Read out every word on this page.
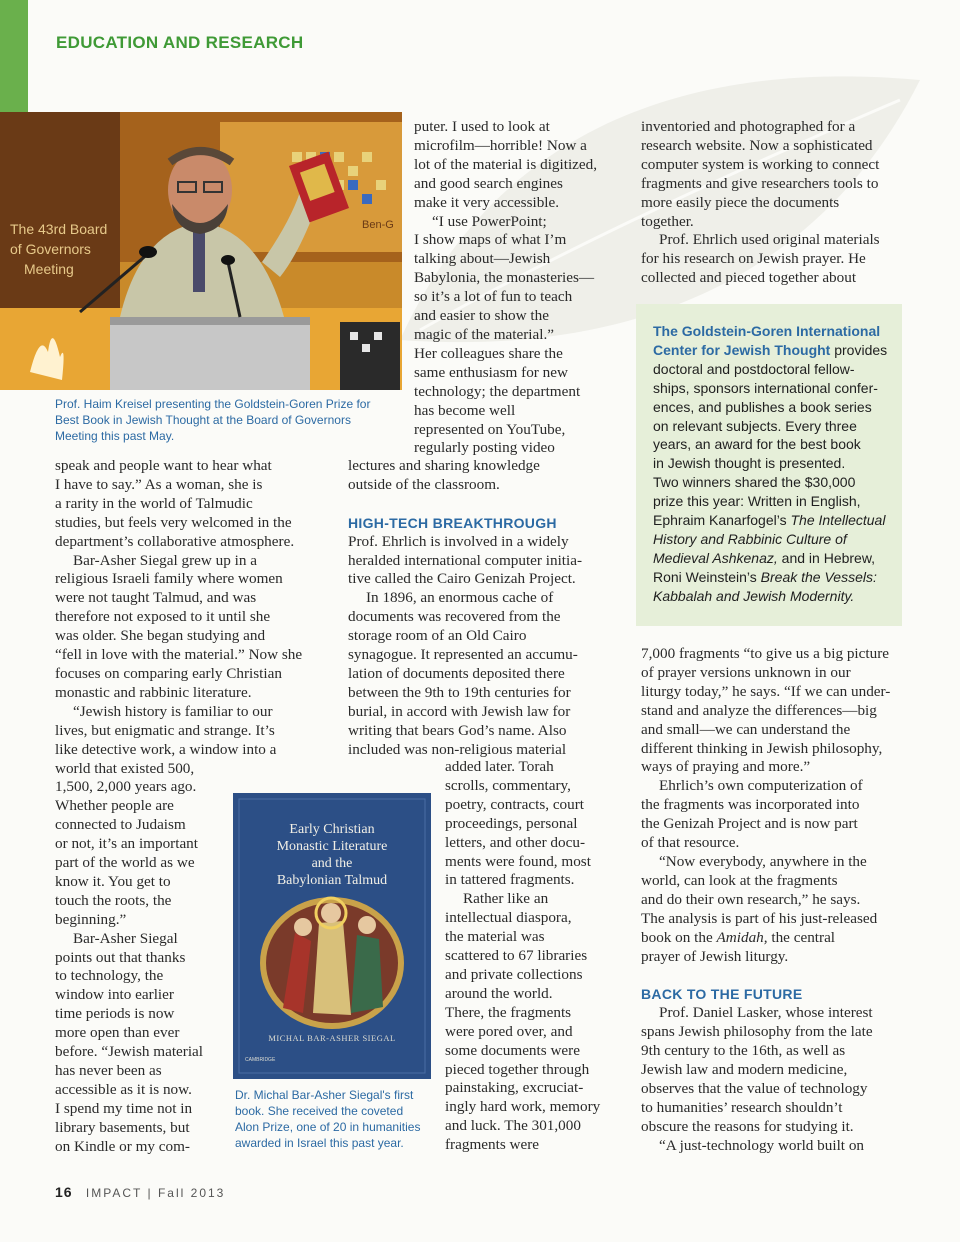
EDUCATION AND RESEARCH
The 43rd Board
of Governors
Meeting
Ben-G
Prof. Haim Kreisel presenting the Goldstein-Goren Prize for Best Book in Jewish Thought at the Board of Governors Meeting this past May.

speak and people want to hear what

I have to say.” As a woman, she is

a rarity in the world of Talmudic

studies, but feels very welcomed in the

department’s collaborative atmosphere.

Bar-Asher Siegal grew up in a

religious Israeli family where women

were not taught Talmud, and was

therefore not exposed to it until she

was older. She began studying and

“fell in love with the material.” Now she

focuses on comparing early Christian

monastic and rabbinic literature.

“Jewish history is familiar to our

lives, but enigmatic and strange. It’s

like detective work, a window into a

world that existed 500,

1,500, 2,000 years ago.

Whether people are

connected to Judaism

or not, it’s an important

part of the world as we

know it. You get to

touch the roots, the

beginning.”

Bar-Asher Siegal

points out that thanks

to technology, the

window into earlier

time periods is now

more open than ever

before. “Jewish material

has never been as

accessible as it is now.

I spend my time not in

library basements, but

on Kindle or my com-

Early Christian
Monastic Literature
and the
Babylonian Talmud
MICHAL BAR-ASHER SIEGAL
CAMBRIDGE
Dr. Michal Bar-Asher Siegal's first book. She received the coveted Alon Prize, one of 20 in humanities awarded in Israel this past year.

puter. I used to look at

microfilm—horrible! Now a

lot of the material is digitized,

and good search engines

make it very accessible.

“I use PowerPoint;

I show maps of what I’m

talking about—Jewish

Babylonia, the monasteries—

so it’s a lot of fun to teach

and easier to show the

magic of the material.”

Her colleagues share the

same enthusiasm for new

technology; the department

has become well

represented on YouTube,

regularly posting video

lectures and sharing knowledge

outside of the classroom.

HIGH-TECH BREAKTHROUGH

Prof. Ehrlich is involved in a widely

heralded international computer initia-

tive called the Cairo Genizah Project.

In 1896, an enormous cache of

documents was recovered from the

storage room of an Old Cairo

synagogue. It represented an accumu-

lation of documents deposited there

between the 9th to 19th centuries for

burial, in accord with Jewish law for

writing that bears God’s name. Also

included was non-religious material

added later. Torah

scrolls, commentary,

poetry, contracts, court

proceedings, personal

letters, and other docu-

ments were found, most

in tattered fragments.

Rather like an

intellectual diaspora,

the material was

scattered to 67 libraries

and private collections

around the world.

There, the fragments

were pored over, and

some documents were

pieced together through

painstaking, excruciat-

ingly hard work, memory

and luck. The 301,000

fragments were

inventoried and photographed for a

research website. Now a sophisticated

computer system is working to connect

fragments and give researchers tools to

more easily piece the documents

together.

Prof. Ehrlich used original materials

for his research on Jewish prayer. He

collected and pieced together about

The Goldstein-Goren International
Center for Jewish Thought provides
doctoral and postdoctoral fellow-
ships, sponsors international confer-
ences, and publishes a book series
on relevant subjects. Every three
years, an award for the best book
in Jewish thought is presented.
Two winners shared the $30,000
prize this year: Written in English,
Ephraim Kanarfogel’s The Intellectual
History and Rabbinic Culture of
Medieval Ashkenaz, and in Hebrew,
Roni Weinstein’s Break the Vessels:
Kabbalah and Jewish Modernity.

7,000 fragments “to give us a big picture

of prayer versions unknown in our

liturgy today,” he says. “If we can under-

stand and analyze the differences—big

and small—we can understand the

different thinking in Jewish philosophy,

ways of praying and more.”

Ehrlich’s own computerization of

the fragments was incorporated into

the Genizah Project and is now part

of that resource.

“Now everybody, anywhere in the

world, can look at the fragments

and do their own research,” he says.

The analysis is part of his just-released

book on the Amidah, the central

prayer of Jewish liturgy.

BACK TO THE FUTURE

Prof. Daniel Lasker, whose interest

spans Jewish philosophy from the late

9th century to the 16th, as well as

Jewish law and modern medicine,

observes that the value of technology

to humanities’ research shouldn’t

obscure the reasons for studying it.

“A just-technology world built on

16 IMPACT | Fall 2013
